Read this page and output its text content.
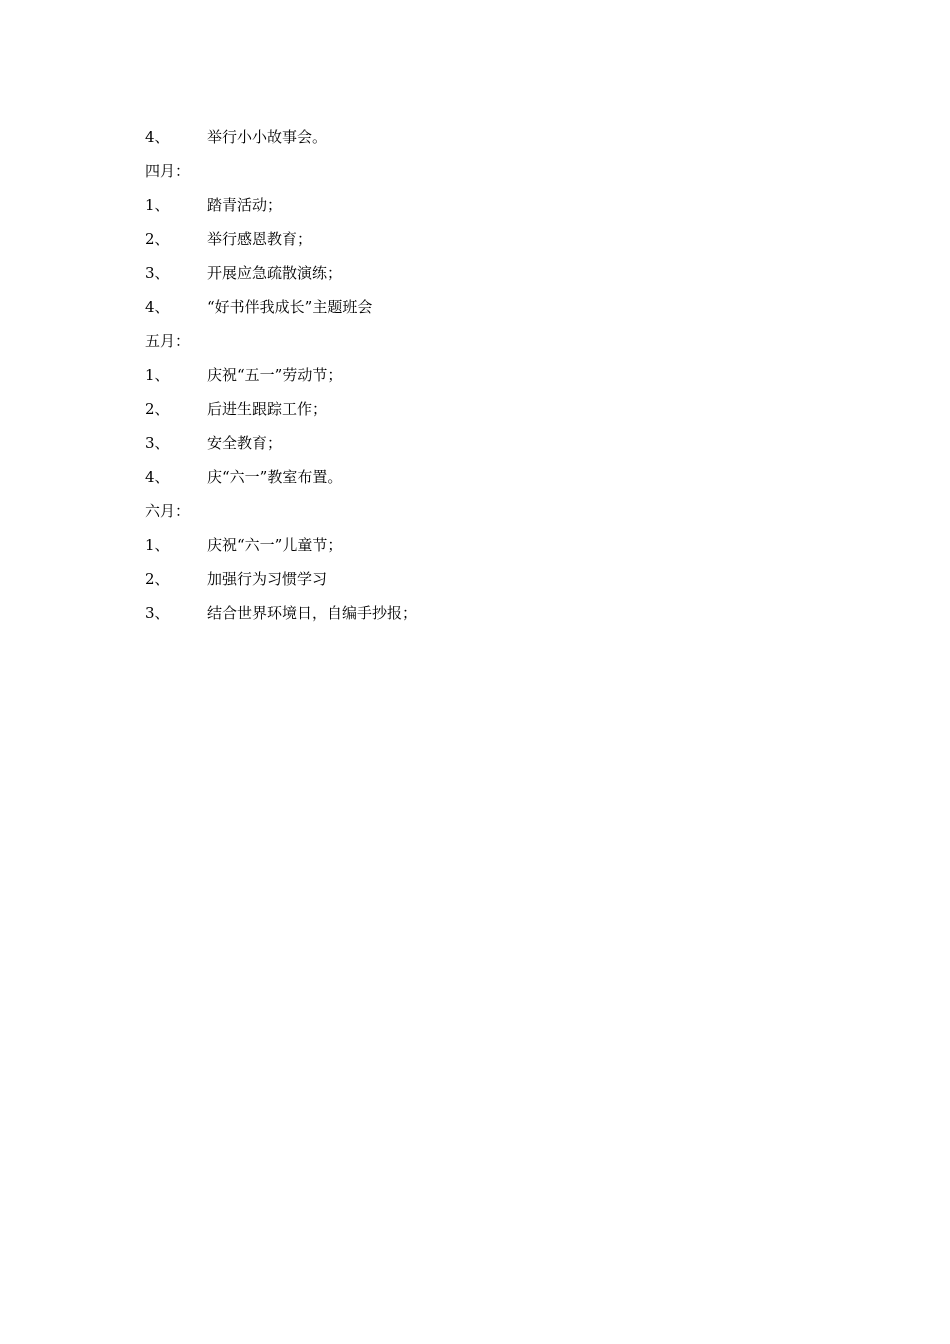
4、	举行小小故事会。
四月：
1、	踏青活动；
2、	举行感恩教育；
3、	开展应急疏散演练；
4、	“好书伴我成长”主题班会
五月：
1、	庆祝“五一”劳动节；
2、	后进生跟踪工作；
3、	安全教育；
4、	庆“六一”教室布置。
六月：
1、	庆祝“六一”儿童节；
2、	加强行为习惯学习
3、	结合世界环境日，自编手抄报；
